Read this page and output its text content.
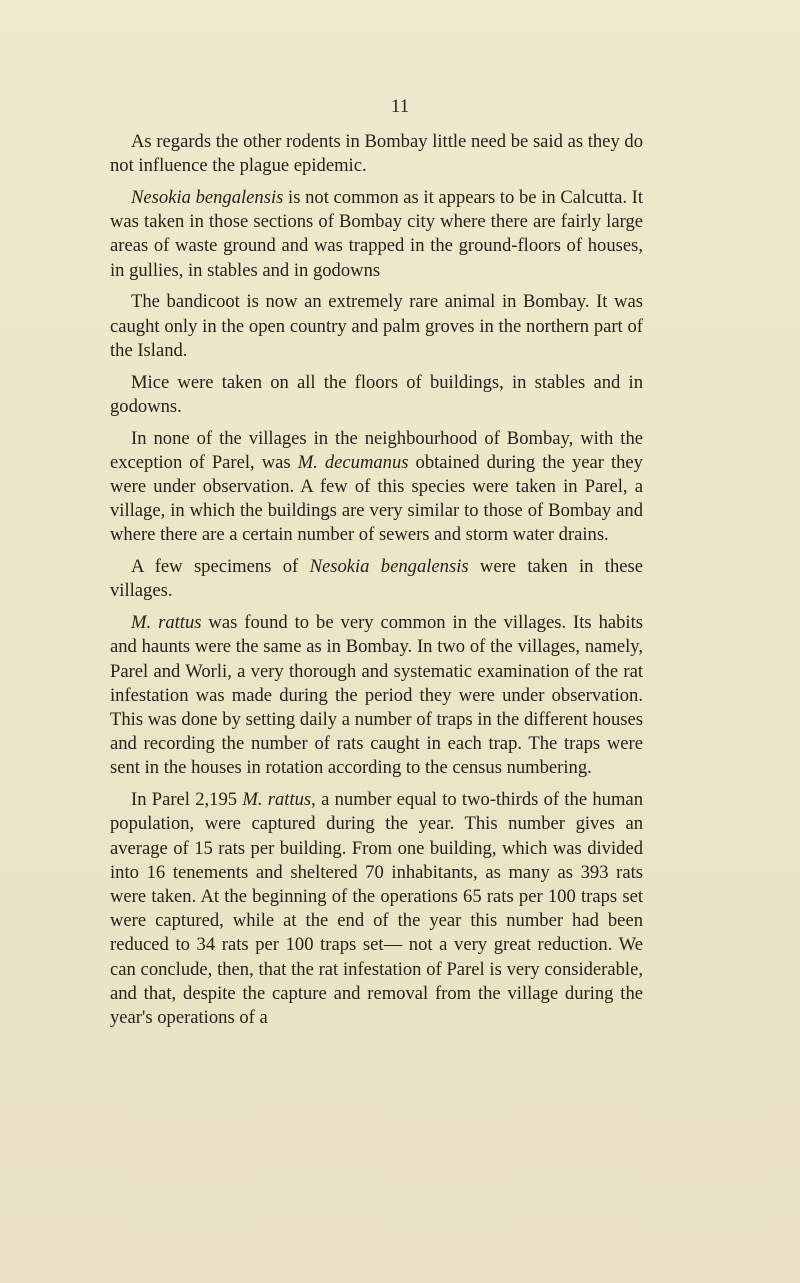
11

As regards the other rodents in Bombay little need be said as they do not influence the plague epidemic.

Nesokia bengalensis is not common as it appears to be in Calcutta. It was taken in those sections of Bombay city where there are fairly large areas of waste ground and was trapped in the ground-floors of houses, in gullies, in stables and in godowns

The bandicoot is now an extremely rare animal in Bombay. It was caught only in the open country and palm groves in the northern part of the Island.

Mice were taken on all the floors of buildings, in stables and in godowns.

In none of the villages in the neighbourhood of Bombay, with the exception of Parel, was M. decumanus obtained during the year they were under observation. A few of this species were taken in Parel, a village, in which the buildings are very similar to those of Bombay and where there are a certain number of sewers and storm water drains.

A few specimens of Nesokia bengalensis were taken in these villages.

M. rattus was found to be very common in the villages. Its habits and haunts were the same as in Bombay. In two of the villages, namely, Parel and Worli, a very thorough and systematic examination of the rat infestation was made during the period they were under observation. This was done by setting daily a number of traps in the different houses and recording the number of rats caught in each trap. The traps were sent in the houses in rotation according to the census numbering.

In Parel 2,195 M. rattus, a number equal to two-thirds of the human population, were captured during the year. This number gives an average of 15 rats per building. From one building, which was divided into 16 tenements and sheltered 70 inhabitants, as many as 393 rats were taken. At the beginning of the operations 65 rats per 100 traps set were captured, while at the end of the year this number had been reduced to 34 rats per 100 traps set— not a very great reduction. We can conclude, then, that the rat infestation of Parel is very considerable, and that, despite the capture and removal from the village during the year's operations of a
